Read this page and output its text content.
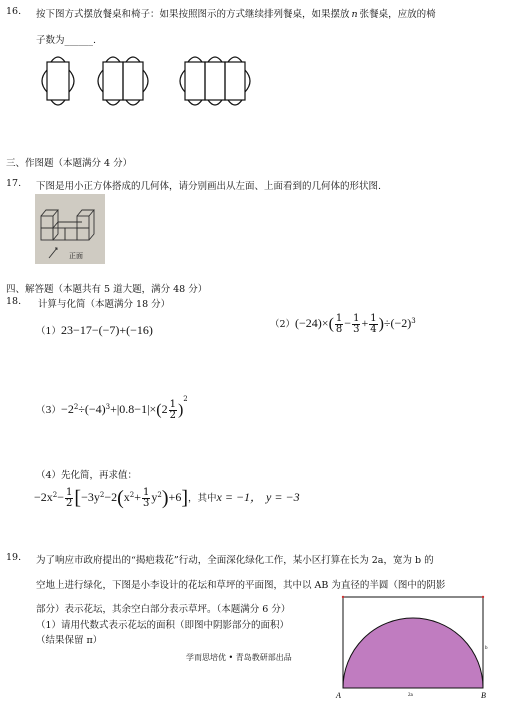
16. 按下图方式摆放餐桌和椅子：如果按照图示的方式继续排列餐桌，如果摆放 n 张餐桌，应放的椅
子数为______.
三、作图题（本题满分 4 分）
17. 下图是用小正方体搭成的几何体，请分别画出从左面、上面看到的几何体的形状图.
正面
四、解答题（本题共有 5 道大题，满分 48 分）
18. 计算与化简（本题满分 18 分）
（1）23−17−(−7)+(−16)	$(2)(-24)\times( \frac{1}{8} - \frac{1}{3} + \frac{1}{4} )\div(-2)^3$
$(3)-2^2\div(-4)^3+|0.8-1|\times(2 \frac{1}{2} )^2$
（4）先化简，再求值：
$-2x^2- \frac{1}{2} [-3y^2-2(x^2+ \frac{1}{3} y^2)+6]$，其中x = −1， y = −3
19. 为了响应市政府提出的“揭疤栽花”行动，全面深化绿化工作，某小区打算在长为 2a，宽为 b 的
空地上进行绿化，下图是小李设计的花坛和草坪的平面图，其中以 AB 为直径的半圆（图中的阴影
部分）表示花坛，其余空白部分表示草坪。（本题满分 6 分）
（1）请用代数式表示花坛的面积（即图中阴影部分的面积）
（结果保留 π）
A	B
2a
b
学而思培优 • 青岛教研部出品
